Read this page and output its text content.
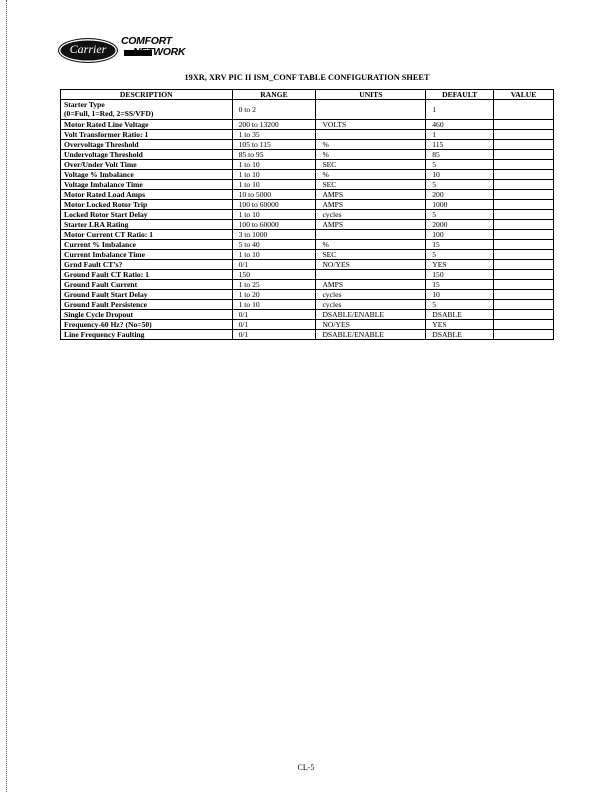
Carrier
COMFORT
NETWORK
19XR, XRV PIC II ISM_CONF TABLE CONFIGURATION SHEET
DESCRIPTION	RANGE	UNITS	DEFAULT	VALUE
Starter Type
(0=Full, 1=Red, 2=SS/VFD)	0 to 2		1	
Motor Rated Line Voltage	200 to 13200	VOLTS	460	
Volt Transformer Ratio: 1	1 to 35		1	
Overvoltage Threshold	105 to 115	%	115	
Undervoltage Threshold	85 to 95	%	85	
Over/Under Volt Time	1 to 10	SEC	5	
Voltage % Imbalance	1 to 10	%	10	
Voltage Imbalance Time	1 to 10	SEC	5	
Motor Rated Load Amps	10 to 5000	AMPS	200	
Motor Locked Rotor Trip	100 to 60000	AMPS	1000	
Locked Rotor Start Delay	1 to 10	cycles	5	
Starter LRA Rating	100 to 60000	AMPS	2000	
Motor Current CT Ratio: 1	3 to 1000		100	
Current % Imbalance	5 to 40	%	15	
Current Imbalance Time	1 to 10	SEC	5	
Grnd Fault CT’s?	0/1	NO/YES	YES	
Ground Fault CT Ratio: 1	150		150	
Ground Fault Current	1 to 25	AMPS	15	
Ground Fault Start Delay	1 to 20	cycles	10	
Ground Fault Persistence	1 to 10	cycles	5	
Single Cycle Dropout	0/1	DSABLE/ENABLE	DSABLE	
Frequency-60 Hz? (No=50)	0/1	NO/YES	YES	
Line Frequency Faulting	0/1	DSABLE/ENABLE	DSABLE	
CL-5
